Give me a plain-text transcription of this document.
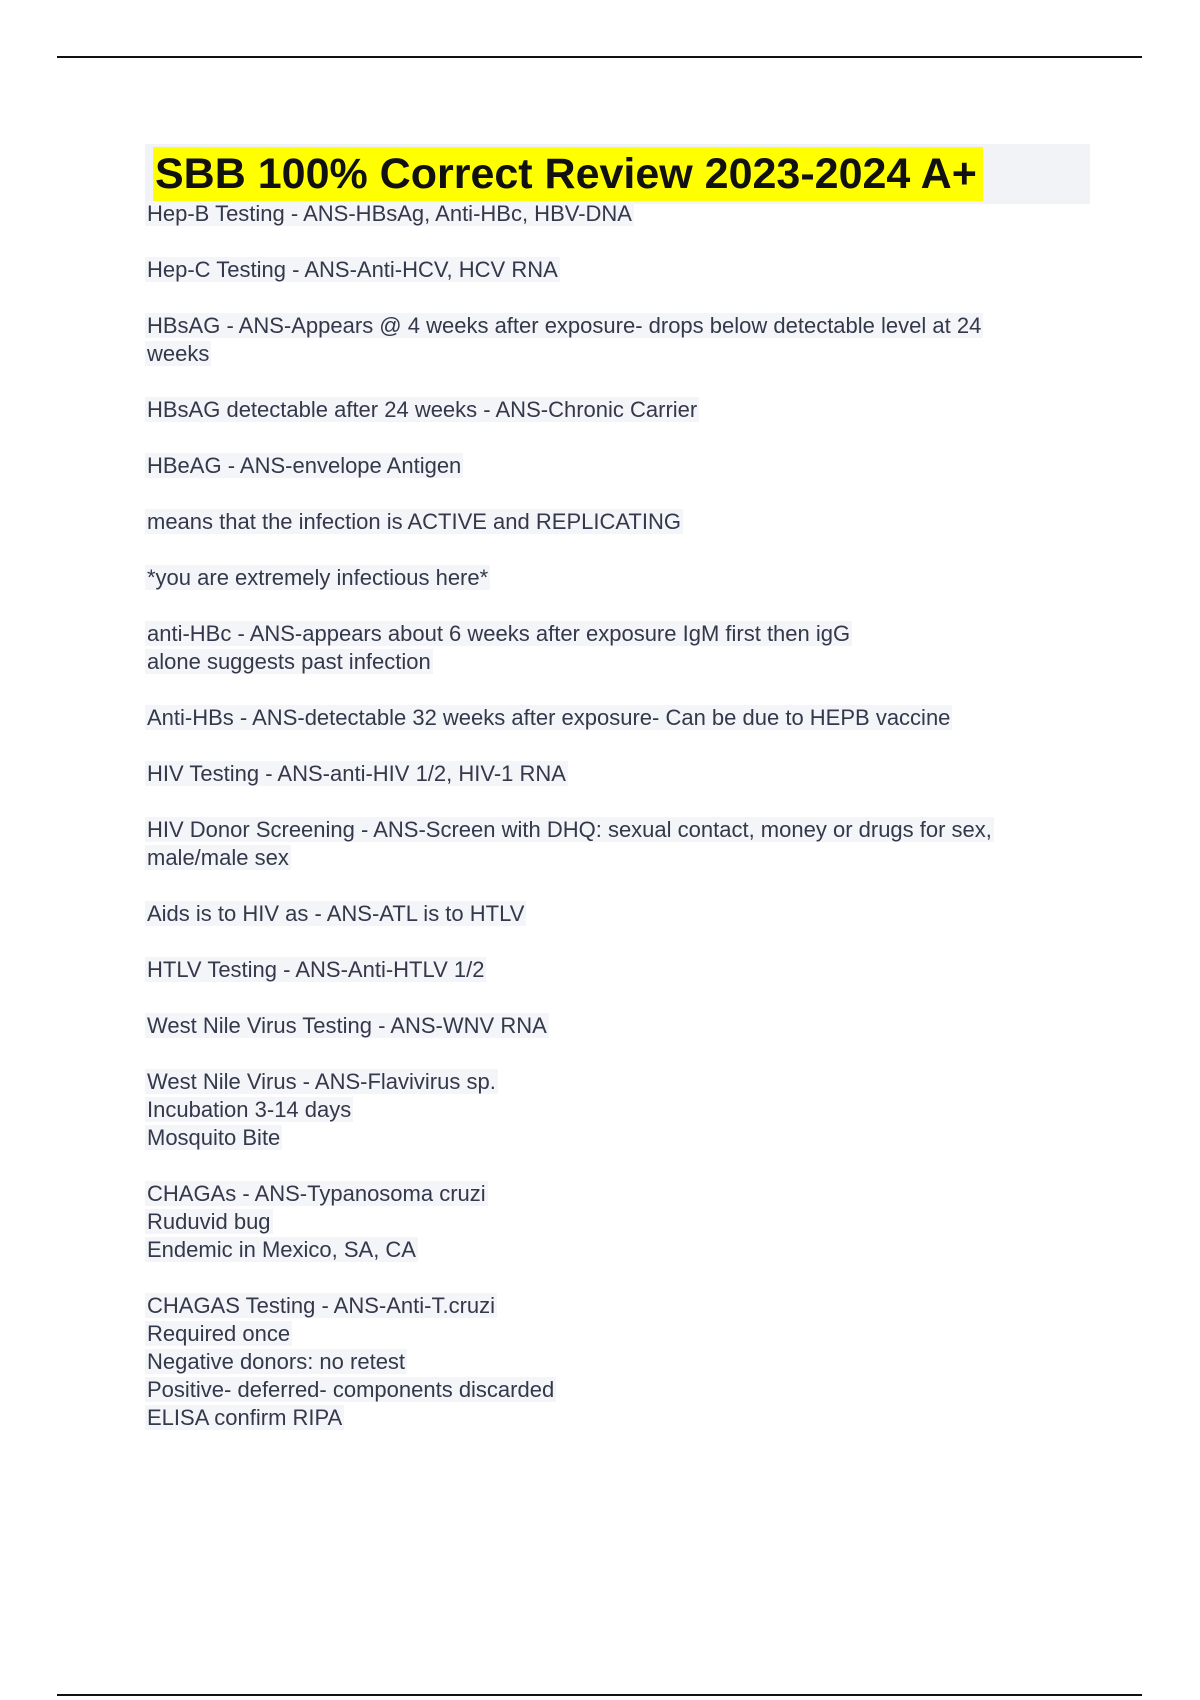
SBB 100% Correct Review 2023-2024 A+
Hep-B Testing - ANS-HBsAg, Anti-HBc, HBV-DNA
Hep-C Testing - ANS-Anti-HCV, HCV RNA
HBsAG - ANS-Appears @ 4 weeks after exposure- drops below detectable level at 24
weeks
HBsAG detectable after 24 weeks - ANS-Chronic Carrier
HBeAG - ANS-envelope Antigen
means that the infection is ACTIVE and REPLICATING
*you are extremely infectious here*
anti-HBc - ANS-appears about 6 weeks after exposure IgM first then igG
alone suggests past infection
Anti-HBs - ANS-detectable 32 weeks after exposure- Can be due to HEPB vaccine
HIV Testing - ANS-anti-HIV 1/2, HIV-1 RNA
HIV Donor Screening - ANS-Screen with DHQ: sexual contact, money or drugs for sex,
male/male sex
Aids is to HIV as - ANS-ATL is to HTLV
HTLV Testing - ANS-Anti-HTLV 1/2
West Nile Virus Testing - ANS-WNV RNA
West Nile Virus - ANS-Flavivirus sp.
Incubation 3-14 days
Mosquito Bite
CHAGAs - ANS-Typanosoma cruzi
Ruduvid bug
Endemic in Mexico, SA, CA
CHAGAS Testing - ANS-Anti-T.cruzi
Required once
Negative donors: no retest
Positive- deferred- components discarded
ELISA confirm RIPA
